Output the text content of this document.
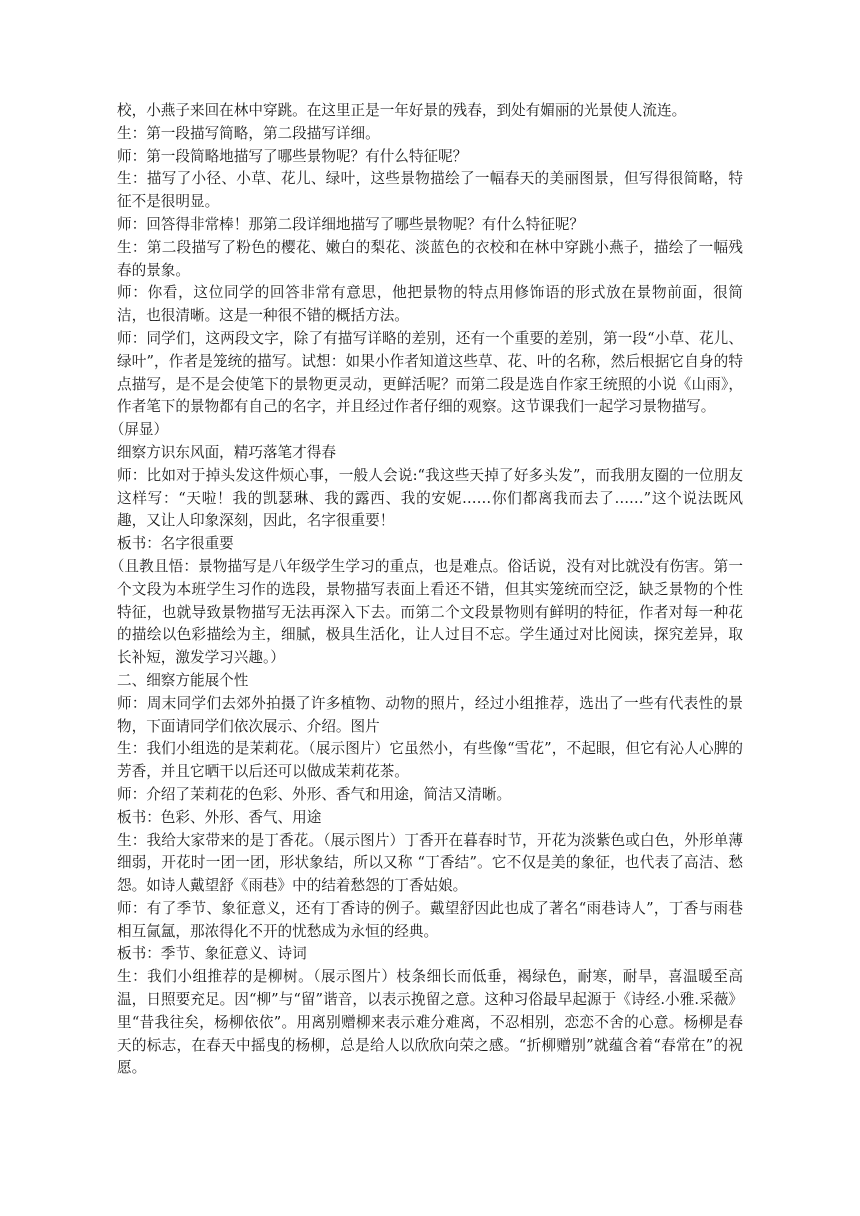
校，小燕子来回在林中穿跳。在这里正是一年好景的残春，到处有媚丽的光景使人流连。

生：第一段描写简略，第二段描写详细。

师：第一段简略地描写了哪些景物呢？有什么特征呢？

生：描写了小径、小草、花儿、绿叶，这些景物描绘了一幅春天的美丽图景，但写得很简略，特征不是很明显。

师：回答得非常棒！那第二段详细地描写了哪些景物呢？有什么特征呢？

生：第二段描写了粉色的樱花、嫩白的梨花、淡蓝色的衣校和在林中穿跳小燕子，描绘了一幅残春的景象。

师：你看，这位同学的回答非常有意思，他把景物的特点用修饰语的形式放在景物前面，很简洁，也很清晰。这是一种很不错的概括方法。

师：同学们，这两段文字，除了有描写详略的差别，还有一个重要的差别，第一段“小草、花儿、绿叶”，作者是笼统的描写。试想：如果小作者知道这些草、花、叶的名称，然后根据它自身的特点描写，是不是会使笔下的景物更灵动，更鲜活呢？而第二段是选自作家王统照的小说《山雨》，作者笔下的景物都有自己的名字，并且经过作者仔细的观察。这节课我们一起学习景物描写。

（屏显）

细察方识东风面，精巧落笔才得春

师：比如对于掉头发这件烦心事，一般人会说:“我这些天掉了好多头发”，而我朋友圈的一位朋友这样写：“天啦！我的凯瑟琳、我的露西、我的安妮……你们都离我而去了……”这个说法既风趣，又让人印象深刻，因此，名字很重要！

板书：名字很重要

（且教且悟：景物描写是八年级学生学习的重点，也是难点。俗话说，没有对比就没有伤害。第一个文段为本班学生习作的选段，景物描写表面上看还不错，但其实笼统而空泛，缺乏景物的个性特征，也就导致景物描写无法再深入下去。而第二个文段景物则有鲜明的特征，作者对每一种花的描绘以色彩描绘为主，细腻，极具生活化，让人过目不忘。学生通过对比阅读，探究差异，取长补短，激发学习兴趣。）

二、细察方能展个性

师：周末同学们去郊外拍摄了许多植物、动物的照片，经过小组推荐，选出了一些有代表性的景物，下面请同学们依次展示、介绍。图片

生：我们小组选的是茉莉花。（展示图片）它虽然小，有些像“雪花”，不起眼，但它有沁人心脾的芳香，并且它晒干以后还可以做成茉莉花茶。

师：介绍了茉莉花的色彩、外形、香气和用途，简洁又清晰。

板书：色彩、外形、香气、用途

生：我给大家带来的是丁香花。（展示图片）丁香开在暮春时节，开花为淡紫色或白色，外形单薄细弱，开花时一团一团，形状象结，所以又称 “丁香结”。它不仅是美的象征，也代表了高洁、愁怨。如诗人戴望舒《雨巷》中的结着愁怨的丁香姑娘。

师：有了季节、象征意义，还有丁香诗的例子。戴望舒因此也成了著名“雨巷诗人”，丁香与雨巷相互氤氲，那浓得化不开的忧愁成为永恒的经典。

板书：季节、象征意义、诗词

生：我们小组推荐的是柳树。（展示图片）枝条细长而低垂，褐绿色，耐寒，耐旱，喜温暖至高温，日照要充足。因“柳”与“留”谐音，以表示挽留之意。这种习俗最早起源于《诗经.小雅.采薇》里“昔我往矣，杨柳依依”。用离别赠柳来表示难分难离，不忍相别，恋恋不舍的心意。杨柳是春天的标志，在春天中摇曳的杨柳，总是给人以欣欣向荣之感。“折柳赠别”就蕴含着“春常在”的祝愿。
